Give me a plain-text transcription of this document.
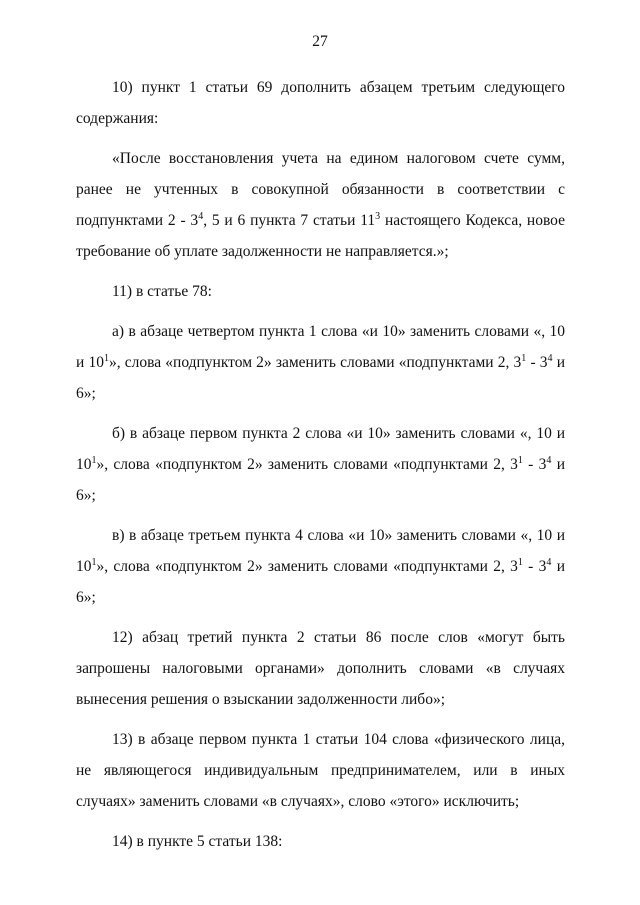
27

10) пункт 1 статьи 69 дополнить абзацем третьим следующего содержания:

«После восстановления учета на едином налоговом счете сумм, ранее не учтенных в совокупной обязанности в соответствии с подпунктами $2 - 3^4$, 5 и 6 пункта 7 статьи $11^3$ настоящего Кодекса, новое требование об уплате задолженности не направляется.»;

11) в статье 78:

а) в абзаце четвертом пункта 1 слова «и 10» заменить словами «, 10 и $10^1$», слова «подпунктом 2» заменить словами «подпунктами 2, $3^1 - 3^4$ и 6»;

б) в абзаце первом пункта 2 слова «и 10» заменить словами «, 10 и $10^1$», слова «подпунктом 2» заменить словами «подпунктами 2, $3^1 - 3^4$ и 6»;

в) в абзаце третьем пункта 4 слова «и 10» заменить словами «, 10 и $10^1$», слова «подпунктом 2» заменить словами «подпунктами 2, $3^1 - 3^4$ и 6»;

12) абзац третий пункта 2 статьи 86 после слов «могут быть запрошены налоговыми органами» дополнить словами «в случаях вынесения решения о взыскании задолженности либо»;

13) в абзаце первом пункта 1 статьи 104 слова «физического лица, не являющегося индивидуальным предпринимателем, или в иных случаях» заменить словами «в случаях», слово «этого» исключить;

14) в пункте 5 статьи 138:
